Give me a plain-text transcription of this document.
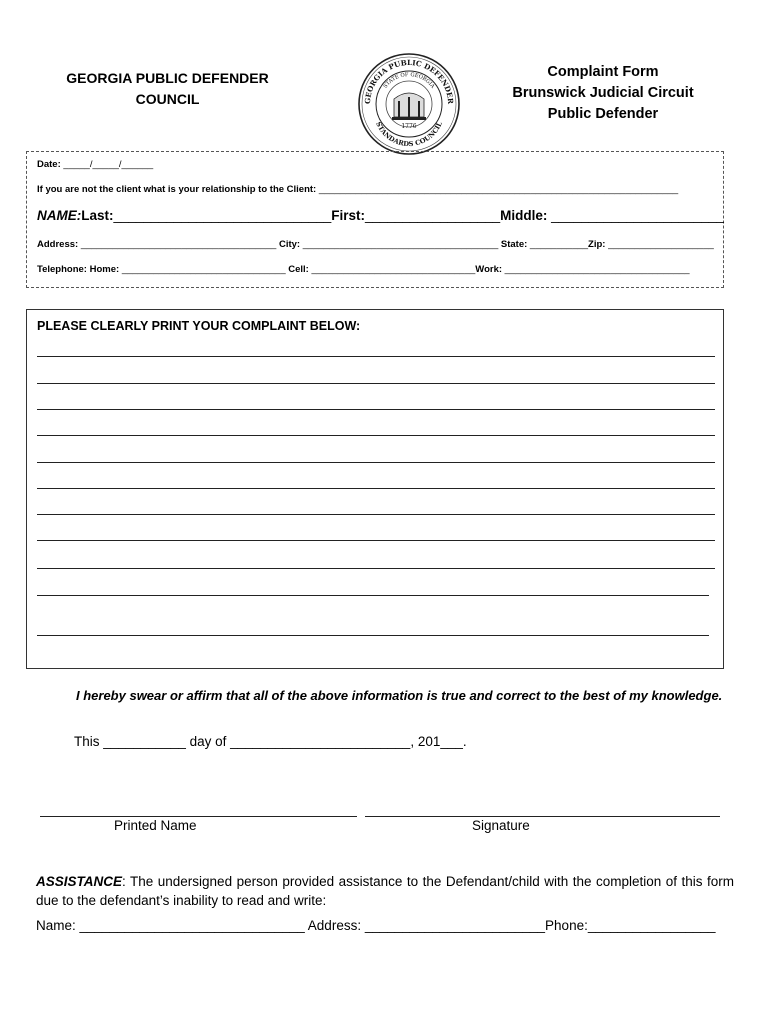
GEORGIA PUBLIC DEFENDER
COUNCIL	GEORGIA PUBLIC DEFENDER
STANDARDS COUNCIL
STATE OF GEORGIA
1776
Complaint Form
Brunswick Judicial Circuit
Public Defender
Date: _____/_____/______
If you are not the client what is your relationship to the Client: ____________________________________________________________________
NAME:Last:_____________________________First:__________________Middle: _______________________
Address: _____________________________________ City: _____________________________________ State: ___________Zip: ____________________
Telephone: Home: _______________________________ Cell: _______________________________Work: ___________________________________
PLEASE CLEARLY PRINT YOUR COMPLAINT BELOW:
I hereby swear or affirm that all of the above information is true and correct to the best of my knowledge.
This ___________ day of ________________________, 201___.
Printed Name	Signature
ASSISTANCE: The undersigned person provided assistance to the Defendant/child with the completion of this form due to the defendant’s inability to read and write:
Name: ______________________________ Address: ________________________Phone:_________________
